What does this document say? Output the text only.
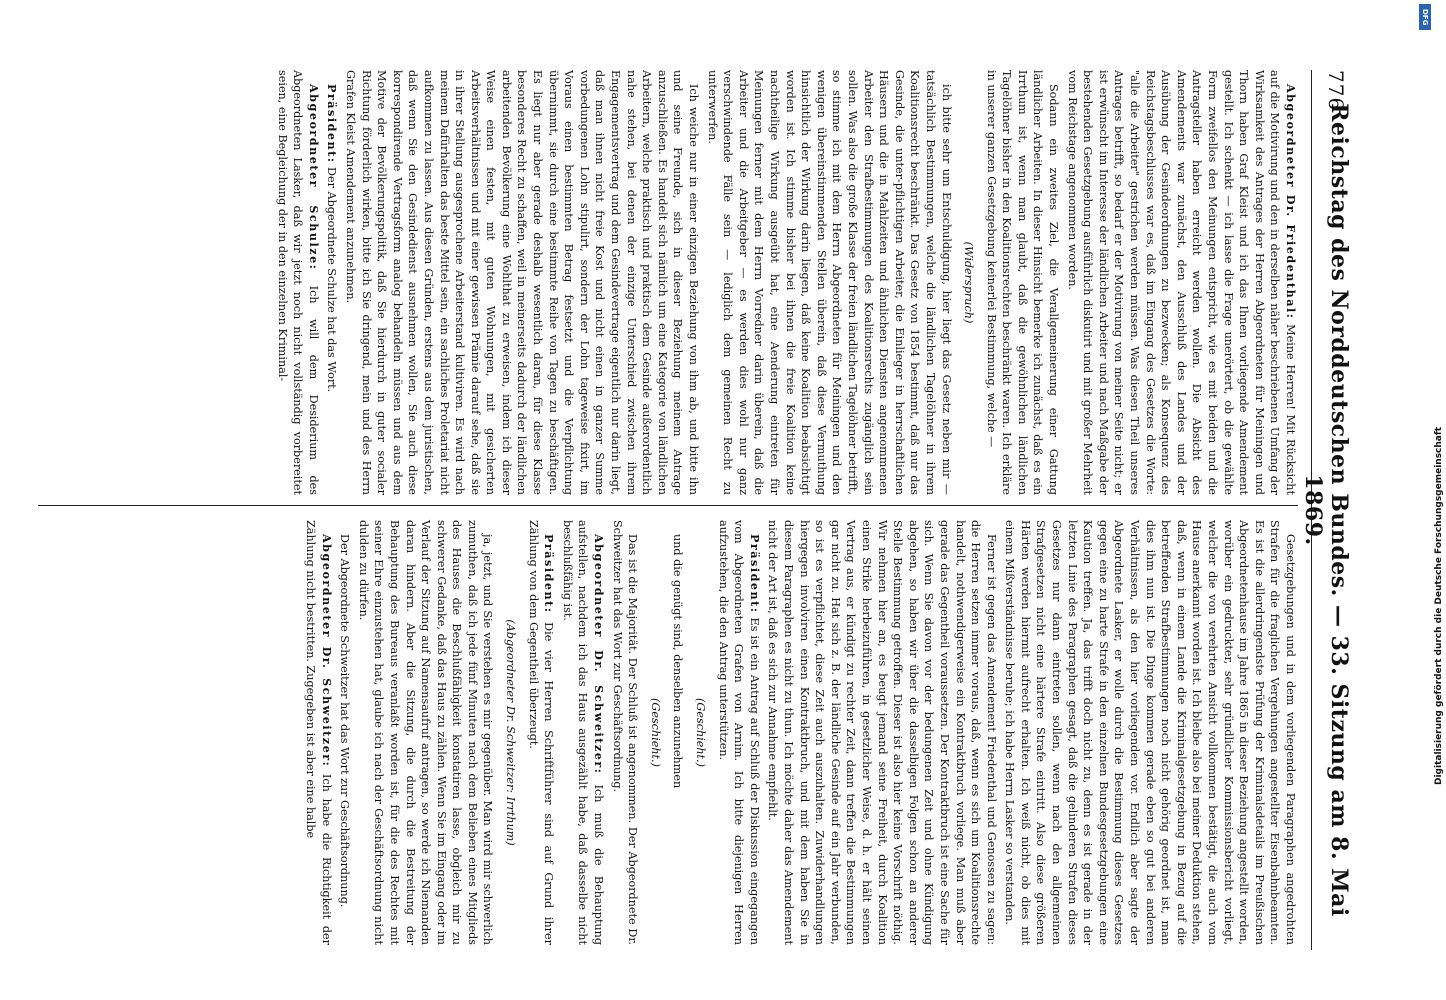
776
Reichstag des Norddeutschen Bundes. — 33. Sitzung am 8. Mai 1869.

Abgeordneter Dr. Friedenthal: Meine Herren! Mit Rücksicht auf die Motivirung und den in derselben näher beschriebenen Umfang der Wirksamkeit des Antrages der Herren Abgeordneten für Meiningen und Thorn haben Graf Kleist und ich das Ihnen vorliegende Amendement gestellt. Ich schenkt — ich lasse die Frage unerörtert, ob die gewählte Form zweifellos den Meinungen entspricht, wie es mit beiden und die Antragsteller haben erreicht werden wollen. Die Absicht des Amendements war zunächst, den Ausschluß des Landes und der Ausübung der Gesindeordnungen zu bezwecken; als Konsequenz des Reichstagsbeschlusses war es, daß im Eingang des Gesetzes die Worte: "alle die Arbeiter" gestrichen werden müssen. Was diesen Theil unseres Antrages betrifft, so bedarf er der Motivirung von meiner Seite nicht; er ist erwünscht im Interesse der ländlichen Arbeiter und nach Maßgabe der bestehenden Gesetzgebung ausführlich diskutirt und mit großer Mehrheit vom Reichstage angenommen worden.

Sodann ein zweites Ziel, die Verallgemeinerung einer Gattung ländlicher Arbeiten. In dieser Hinsicht bemerke ich zunächst, daß es ein Irrthum ist, wenn man glaubt, daß die gewöhnlichen ländlichen Tagelöhner bisher in den Koalitionsrechten beschränkt waren. Ich erkläre in unserer ganzen Gesetzgebung keinerlei Bestimmung, welche —

(Widerspruch)

ich bitte sehr um Entschuldigung, hier liegt das Gesetz neben mir — tatsächlich Bestimmungen, welche die ländlichen Tagelöhner in ihrem Koalitionsrecht beschränkt. Das Gesetz von 1854 bestimmt, daß nur das Gesinde, die unter-pflichtigen Arbeiter, die Einlieger in herrschaftlichen Häusern und die in Mahlzeiten und ähnlichen Diensten angenommenen Arbeiter den Strafbestimmungen des Koalitionsrechts zugänglich sein sollen. Was also die große Klasse der freien ländlichen Tagelöhner betrifft, so stimme ich mit dem Herrn Abgeordneten für Meiningen und den wenigen übereinstimmenden Stellen überein, daß diese Vermuthung hinsichtlich der Wirkung darin liegen, daß keine Koalition beabsichtigt worden ist. Ich stimme bisher bei ihnen die freie Koalition keine nachtheilige Wirkung ausgeübt hat, eine Aenderung eintreten für Meinungen ferner mit dem Herrn Vorredner darin überein, daß die Arbeiter und die Arbeitgeber — es werden dies wohl nur ganz verschwindende Fälle sein — lediglich dem gemeinen Recht zu unterwerfen.

Ich weiche nur in einer einzigen Beziehung von ihm ab, und bitte ihn und seine Freunde, sich in dieser Beziehung meinem Antrage anzuschließen. Es handelt sich nämlich um eine Kategorie von ländlichen Arbeitern, welche praktisch und praktisch dem Gesinde außerordentlich nahe stehen, bei denen der einzige Unterschied zwischen ihrem Engagementsvertrag und dem Gesindevertrage eigentlich nur darin liegt, daß man ihnen nicht freie Kost und nicht einen in ganzer Summe vorbedungenen Lohn stipulirt, sondern der Lohn tageweise fixirt, im Voraus einen bestimmten Betrag festsetzt und die Verpflichtung übernimmt, sie durch eine bestimmte Reihe von Tagen zu beschäftigen. Es liegt nur aber gerade deshalb wesentlich daran, für diese Klasse besonderes Recht zu schaffen, weil in meinerseits dadurch der ländlichen arbeitenden Bevölkerung eine Wohlthat zu erweisen, indem ich dieser Weise einen festen, mit guten Wohnungen, mit gesicherten Arbeitsverhältnissen und mit einer gewissen Prämie darauf sehe, daß sie in ihrer Stellung ausgesprochene Arbeiterstand kultiviren. Es wird nach meinem Dafürhalten das beste Mittel sein, ein sachliches Proletariat nicht aufkommen zu lassen. Aus diesen Gründen, erstens aus dem juristischen, daß wenn Sie den Gesindedienst ausnehmen wollen, Sie auch diese korrespondirende Vertragsform analog behandeln müssen und aus dem Motive der Bevölkerungspolitik, daß Sie hierdurch in guter socialer Richtung förderlich wirken, bitte ich Sie dringend, mein und des Herrn Grafen Kleist Amendement anzunehmen.

Präsident: Der Abgeordnete Schulze hat das Wort.

Abgeordneter Schulze: Ich will dem Desiderium des Abgeordneten Lasker, daß wir jetzt noch nicht vollständig vorbereitet seien, eine Begleichung der in den einzelnen Kriminal-

Gesetzgebungen und in dem vorliegenden Paragraphen angedrohten Strafen für die fraglichen Vergehungen angestellter Eisenbahnbeamten. Es ist die allerdringendste Prüfung der Kriminalsdetails im Preußischen Abgeordnetenhause im Jahre 1865 in dieser Beziehung angestellt worden, worüber ein gedruckter, sehr gründlicher Kommissionsbericht vorliegt, welcher die von verehrten Ansicht vollkommen bestätigt, die auch vom Hause anerkannt worden ist. Ich bleibe also bei meiner Deduktion stehen, daß, wenn in einem Lande die Kriminalgesetzgebung in Bezug auf die betreffenden Strafbestimmungen noch nicht gehörig geordnet ist, man dies ihm nun ist. Die Dinge kommen gerade eben so gut bei anderen Verhältnissen, als den hier vorliegenden vor. Endlich aber sagte der Abgeordnete Lasker, er wolle durch die Bestimmung dieses Gesetzes gegen eine zu harte Strafe in den einzelnen Bundesgesetzgebungen eine Kaution treffen. Ja, das trifft doch nicht zu, denn es ist gerade in der letzten Linie des Paragraphen gesagt, daß die gelinderen Strafen dieses Gesetzes nur dann eintreten sollen, wenn nach den allgemeinen Strafgesetzen nicht eine härtere Strafe eintritt. Also diese größeren Härten werden hiermit aufrecht erhalten. Ich weiß nicht, ob dies mit einem Mißverständnisse beruhe; ich habe Herrn Lasker so verstanden.

Ferner ist gegen das Amendement Friedenthal und Genossen zu sagen: die Herren setzen immer voraus, daß, wenn es sich um Koalitionsrechte handelt, nothwendigerweise ein Kontraktbruch vorliege. Man muß aber gerade das Gegentheil voraussetzen. Der Kontraktbruch ist eine Sache für sich. Wenn Sie davon vor der bedungenen Zeit und ohne Kündigung abgehen, so haben wir über die dasselbigen Folgen schon an anderer Stelle Bestimmung getroffen. Dieser ist also hier keine Vorschrift nöthig. Wir nehmen hier an, es beugt jemand seine Freiheit, durch Koalition einen Strike herbeizuführen, in gesetzlicher Weise, d. h. er hält seinen Vertrag aus, er kündigt zu rechter Zeit, dann treffen die Bestimmungen gar nicht zu. Hat sich z. B. der ländliche Gesinde auf ein Jahr verbunden, so ist es verpflichtet, diese Zeit auch auszuhalten. Zuwiderhandlungen hiergegen involviren einen Kontraktbruch, und mit dem haben Sie in diesem Paragraphen es nicht zu thun. Ich möchte daher das Amendement nicht der Art ist, daß es sich zur Annahme empfiehlt.

Präsident: Es ist ein Antrag auf Schluß der Diskussion eingegangen vom Abgeordneten Grafen von Arnim. Ich bitte diejenigen Herren aufzustehen, die den Antrag unterstützen.

(Geschieht.)

und die genügt sind, denselben anzunehmen

(Geschieht.)

Das ist die Majorität. Der Schluß ist angenommen. Der Abgeordnete Dr. Schweitzer hat das Wort zur Geschäftsordnung.

Abgeordneter Dr. Schweitzer: Ich muß die Behauptung aufstellen, nachdem ich das Haus ausgezählt habe, daß dasselbe nicht beschlußfähig ist.

Präsident: Die vier Herren Schriftführer sind auf Grund ihrer Zählung von dem Gegentheil überzeugt.

(Abgeordneter Dr. Schweitzer: Irrthum)

ja, jetzt, und Sie verstehen es mir gegenüber. Man wird mir schwerlich zumuthen, daß ich jede fünf Minuten nach dem Belieben eines Mitglieds des Hauses die Beschlußfähigkeit konstatiren lasse, obgleich mir zu schwerer Gedanke, daß das Haus zu zählen. Wenn Sie im Eingang oder im Verlauf der Sitzung auf Namensaufruf antragen, so werde ich Niemanden daran hindern. Aber die Sitzung, die durch die Bestreitung der Behauptung des Bureaus veranlaßt worden ist, für die des Rechtes mit seiner Ehre einzustehen hat, glaube ich nach der Geschäftsordnung nicht dulden zu dürfen.

Der Abgeordnete Schweitzer hat das Wort zur Geschäftsordnung.

Abgeordneter Dr. Schweitzer: Ich habe die Richtigkeit der Zählung nicht bestritten. Zugegeben ist aber eine halbe	Digitalisierung gefördert durch die Deutsche Forschungsgemeinschaft
DFG
